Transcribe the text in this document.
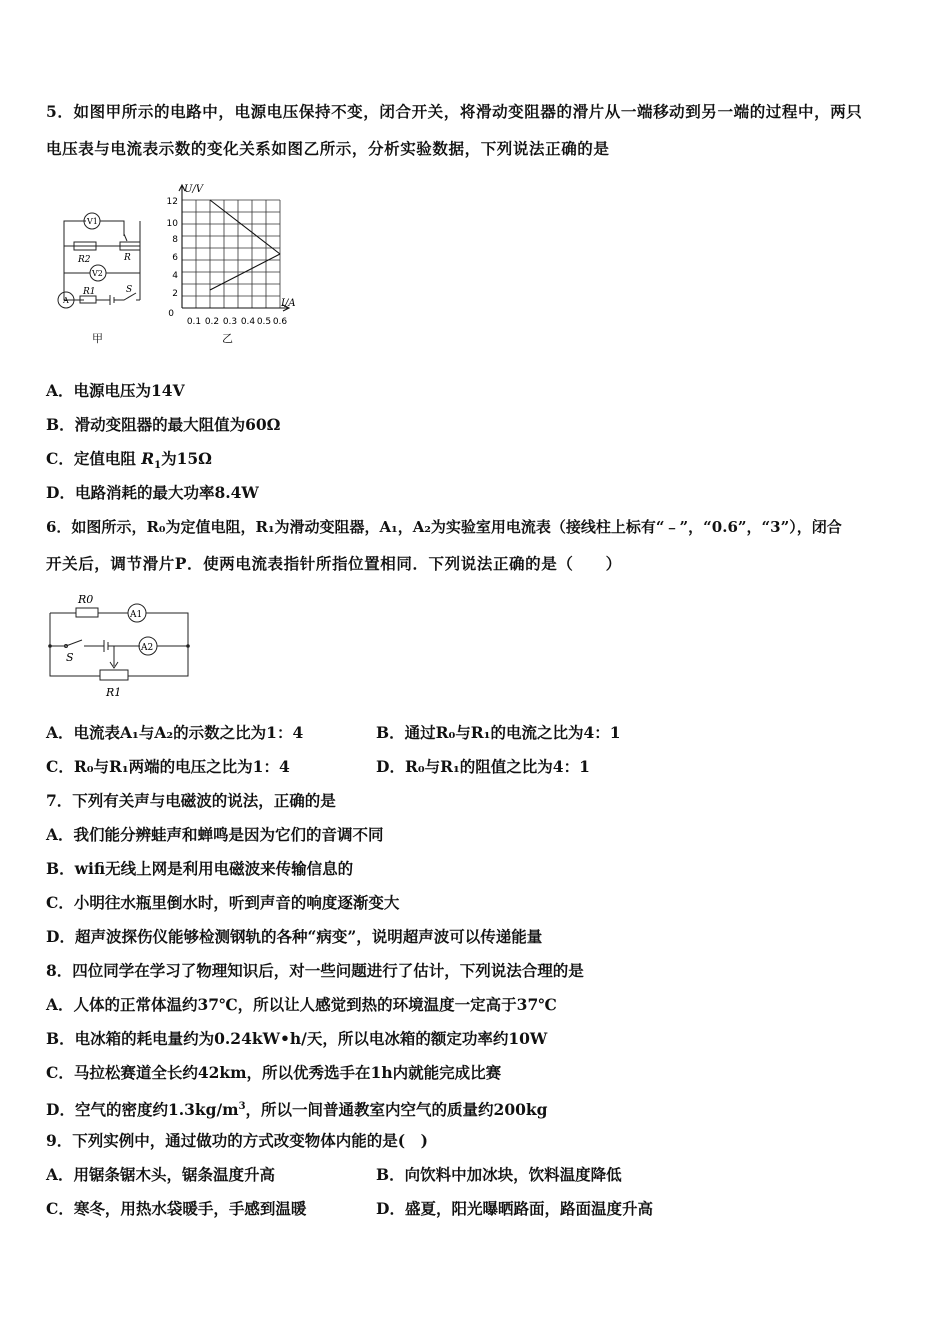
5．如图甲所示的电路中，电源电压保持不变，闭合开关，将滑动变阻器的滑片从一端移动到另一端的过程中，两只
电压表与电流表示数的变化关系如图乙所示，分析实验数据，下列说法正确的是
V1
V2
A
R2	R
R1	S
甲
U/V
I/A
12
10
8
6
4
2
0
0.1 0.2 0.3 0.4 0.5 0.6
乙
A．电源电压为14V
B．滑动变阻器的最大阻值为60Ω
C．定值电阻 $R_1$为15Ω
D．电路消耗的最大功率8.4W
6．如图所示，R₀为定值电阻，R₁为滑动变阻器，A₁，A₂为实验室用电流表（接线柱上标有“﹣”，“0.6”，“3”），闭合
开关后，调节滑片P．使两电流表指针所指位置相同．下列说法正确的是（　　）
R0
A1
A2
S
R1
A．电流表A₁与A₂的示数之比为1：4	B．通过R₀与R₁的电流之比为4：1
C．R₀与R₁两端的电压之比为1：4	D．R₀与R₁的阻值之比为4：1
7．下列有关声与电磁波的说法，正确的是
A．我们能分辨蛙声和蝉鸣是因为它们的音调不同
B．wifi无线上网是利用电磁波来传输信息的
C．小明往水瓶里倒水时，听到声音的响度逐渐变大
D．超声波探伤仪能够检测钢轨的各种“病变”，说明超声波可以传递能量
8．四位同学在学习了物理知识后，对一些问题进行了估计，下列说法合理的是
A．人体的正常体温约37℃，所以让人感觉到热的环境温度一定高于37℃
B．电冰箱的耗电量约为0.24kW•h/天，所以电冰箱的额定功率约10W
C．马拉松赛道全长约42km，所以优秀选手在1h内就能完成比赛
D．空气的密度约$1.3kg/m^3$，所以一间普通教室内空气的质量约200kg
9．下列实例中，通过做功的方式改变物体内能的是(　)
A．用锯条锯木头，锯条温度升高	B．向饮料中加冰块，饮料温度降低
C．寒冬，用热水袋暖手，手感到温暖	D．盛夏，阳光曝晒路面，路面温度升高
